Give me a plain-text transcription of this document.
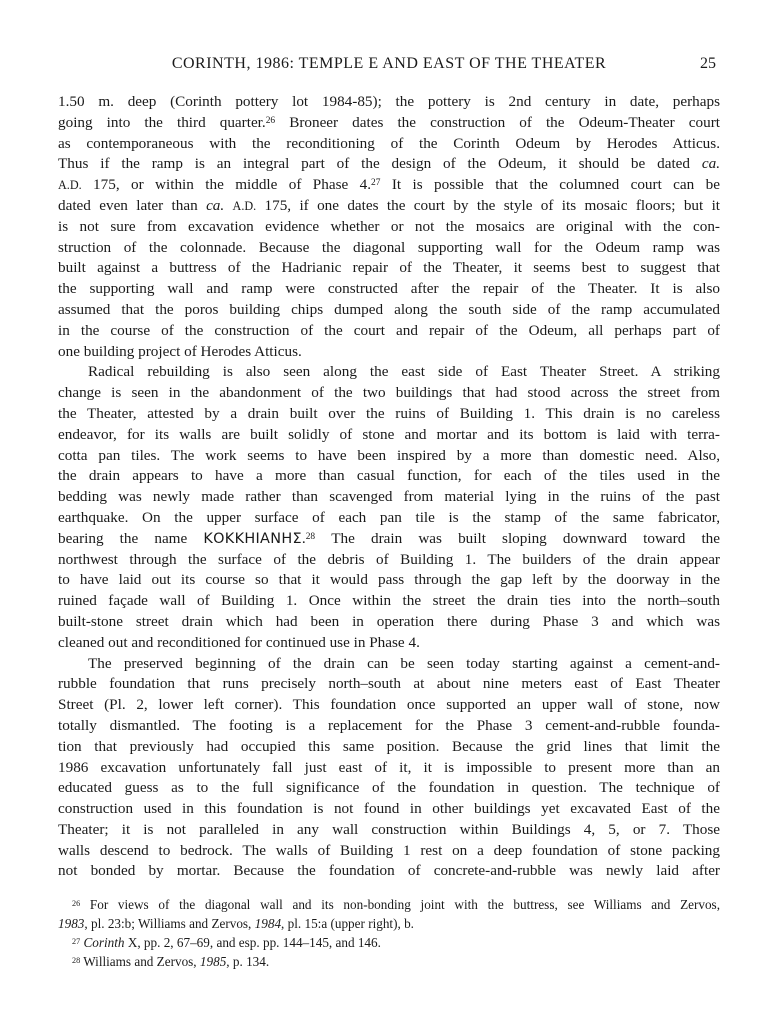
CORINTH, 1986: TEMPLE E AND EAST OF THE THEATER	25
1.50 m. deep (Corinth pottery lot 1984-85); the pottery is 2nd century in date, perhaps
going into the third quarter.$^{26}$ Broneer dates the construction of the Odeum-Theater court
as contemporaneous with the reconditioning of the Corinth Odeum by Herodes Atticus.
Thus if the ramp is an integral part of the design of the Odeum, it should be dated ca.
A.D. 175, or within the middle of Phase 4.27 It is possible that the columned court can be
dated even later than ca. A.D. 175, if one dates the court by the style of its mosaic floors; but it
is not sure from excavation evidence whether or not the mosaics are original with the con-
struction of the colonnade. Because the diagonal supporting wall for the Odeum ramp was
built against a buttress of the Hadrianic repair of the Theater, it seems best to suggest that
the supporting wall and ramp were constructed after the repair of the Theater. It is also
assumed that the poros building chips dumped along the south side of the ramp accumulated
in the course of the construction of the court and repair of the Odeum, all perhaps part of
one building project of Herodes Atticus.
Radical rebuilding is also seen along the east side of East Theater Street. A striking
change is seen in the abandonment of the two buildings that had stood across the street from
the Theater, attested by a drain built over the ruins of Building 1. This drain is no careless
endeavor, for its walls are built solidly of stone and mortar and its bottom is laid with terra-
cotta pan tiles. The work seems to have been inspired by a more than domestic need. Also,
the drain appears to have a more than casual function, for each of the tiles used in the
bedding was newly made rather than scavenged from material lying in the ruins of the past
earthquake. On the upper surface of each pan tile is the stamp of the same fabricator,
bearing the name ΚΟΚΚΗΙΑΝΗΣ.$^{28}$ The drain was built sloping downward toward the
northwest through the surface of the debris of Building 1. The builders of the drain appear
to have laid out its course so that it would pass through the gap left by the doorway in the
ruined façade wall of Building 1. Once within the street the drain ties into the north–south
built-stone street drain which had been in operation there during Phase 3 and which was
cleaned out and reconditioned for continued use in Phase 4.
The preserved beginning of the drain can be seen today starting against a cement-and-
rubble foundation that runs precisely north–south at about nine meters east of East Theater
Street (Pl. 2, lower left corner). This foundation once supported an upper wall of stone, now
totally dismantled. The footing is a replacement for the Phase 3 cement-and-rubble founda-
tion that previously had occupied this same position. Because the grid lines that limit the
1986 excavation unfortunately fall just east of it, it is impossible to present more than an
educated guess as to the full significance of the foundation in question. The technique of
construction used in this foundation is not found in other buildings yet excavated East of the
Theater; it is not paralleled in any wall construction within Buildings 4, 5, or 7. Those
walls descend to bedrock. The walls of Building 1 rest on a deep foundation of stone packing
not bonded by mortar. Because the foundation of concrete-and-rubble was newly laid after
$^{26}$ For views of the diagonal wall and its non-bonding joint with the buttress, see Williams and Zervos,
1983, pl. 23:b; Williams and Zervos, 1984, pl. 15:a (upper right), b.
$^{27}$ Corinth X, pp. 2, 67–69, and esp. pp. 144–145, and 146.
$^{28}$ Williams and Zervos, 1985, p. 134.
